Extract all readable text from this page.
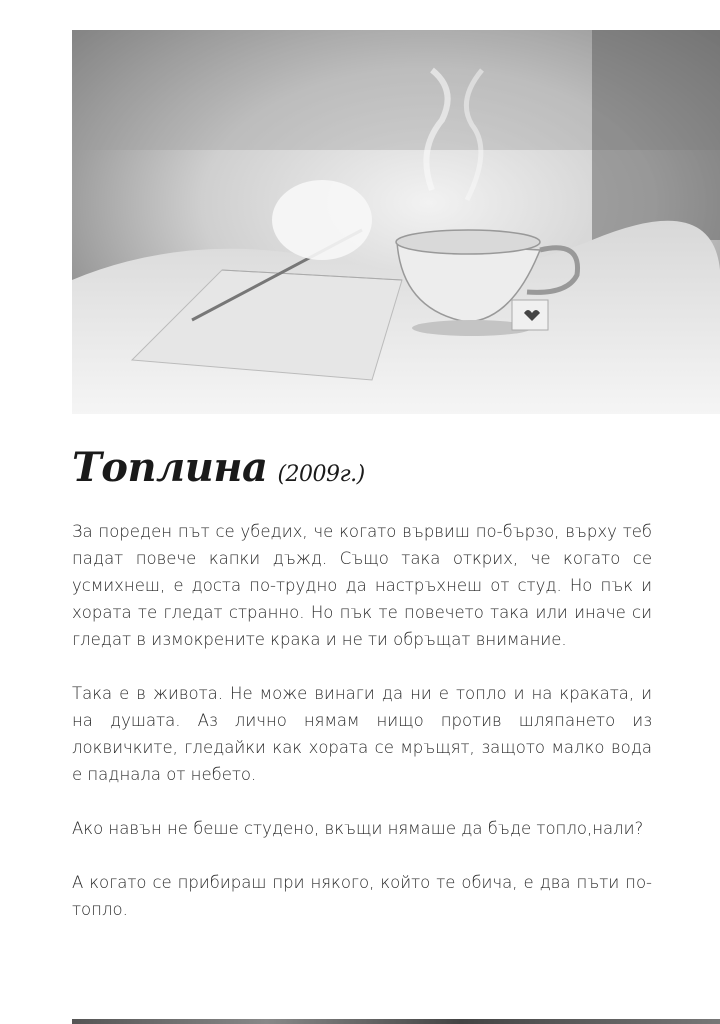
Топлина (2009г.)

За пореден път се убедих, че когато вървиш по-бързо, върху теб падат повече капки дъжд. Също така открих, че когато се усмихнеш, е доста по-трудно да настръхнеш от студ. Но пък и хората те гледат странно. Но пък те повечето така или иначе си гледат в измокрените крака и не ти обръщат внимание.

Така е в живота. Не може винаги да ни е топло и на краката, и на душата. Аз лично нямам нищо против шляпането из локвичките, гледайки как хората се мръщят, защото малко вода е паднала от небето.

Ако навън не беше студено, вкъщи нямаше да бъде топло,нали?

А когато се прибираш при някого, който те обича, е два пъти по-топло.
